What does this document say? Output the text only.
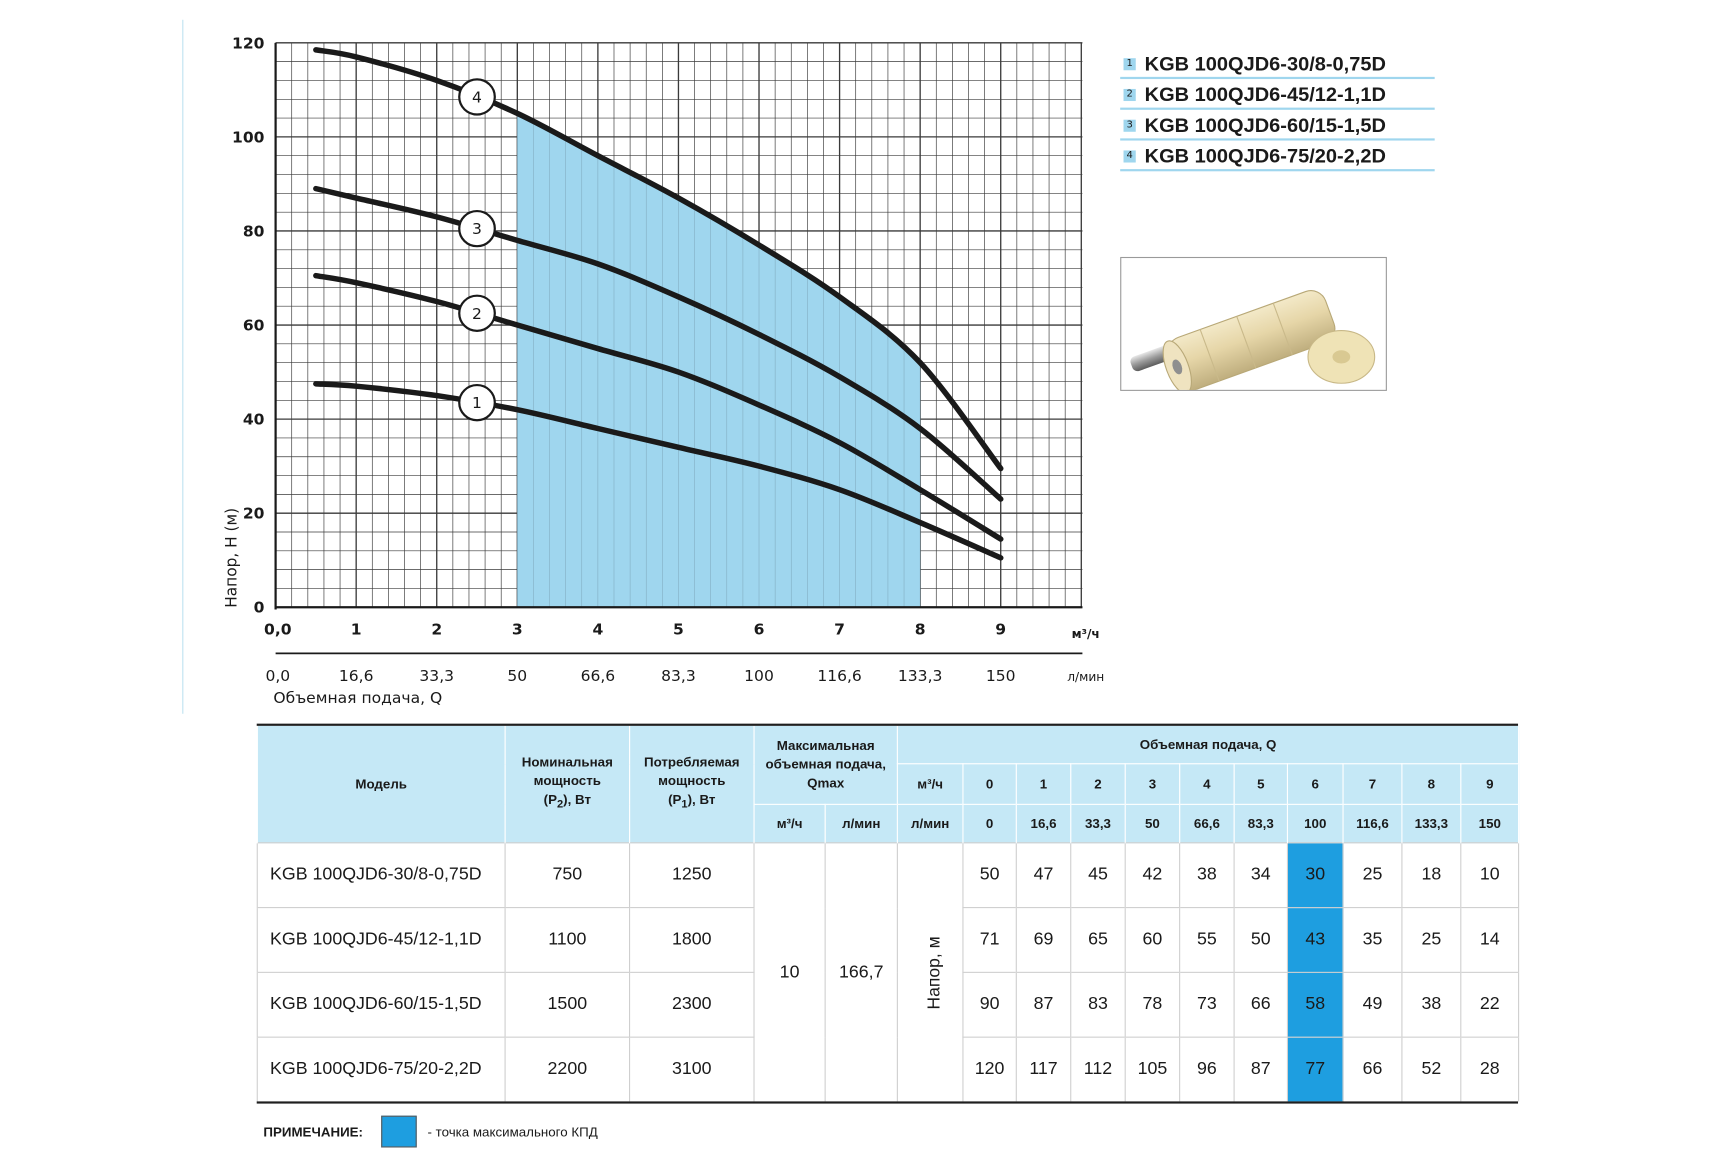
1
2
3
4
0
20
40
60
80
100
120
0,0	1	2	3	4	5	6	7	8	9
0,0	16,6	33,3	50	66,6	83,3	100	116,6	133,3	150
м³/ч
л/мин
Объемная подача, Q
Напор, Н (м)
1 KGB 100QJD6-30/8-0,75D
2 KGB 100QJD6-45/12-1,1D
3 KGB 100QJD6-60/15-1,5D
4 KGB 100QJD6-75/20-2,2D
Модель	Номинальная мощность
$(P_2)$, Вт	Потребляемая мощность
$(P_1)$, Вт	Максимальная объемная подача, Qmax		Объемная подача, Q										
					м³/ч	0	1	2	3	4	5	6	7	8	9
			м³/ч	л/мин	л/мин	0	16,6	33,3	50	66,6	83,3	100	116,6	133,3	150
KGB 100QJD6-30/8-0,75D	750	1250	10	166,7	Напор, м	50	47	45	42	38	34	30	25	18	10
KGB 100QJD6-45/12-1,1D	1100	1800				71	69	65	60	55	50	43	35	25	14
KGB 100QJD6-60/15-1,5D	1500	2300				90	87	83	78	73	66	58	49	38	22
KGB 100QJD6-75/20-2,2D	2200	3100				120	117	112	105	96	87	77	66	52	28
ПРИМЕЧАНИЕ:	- точка максимального КПД
